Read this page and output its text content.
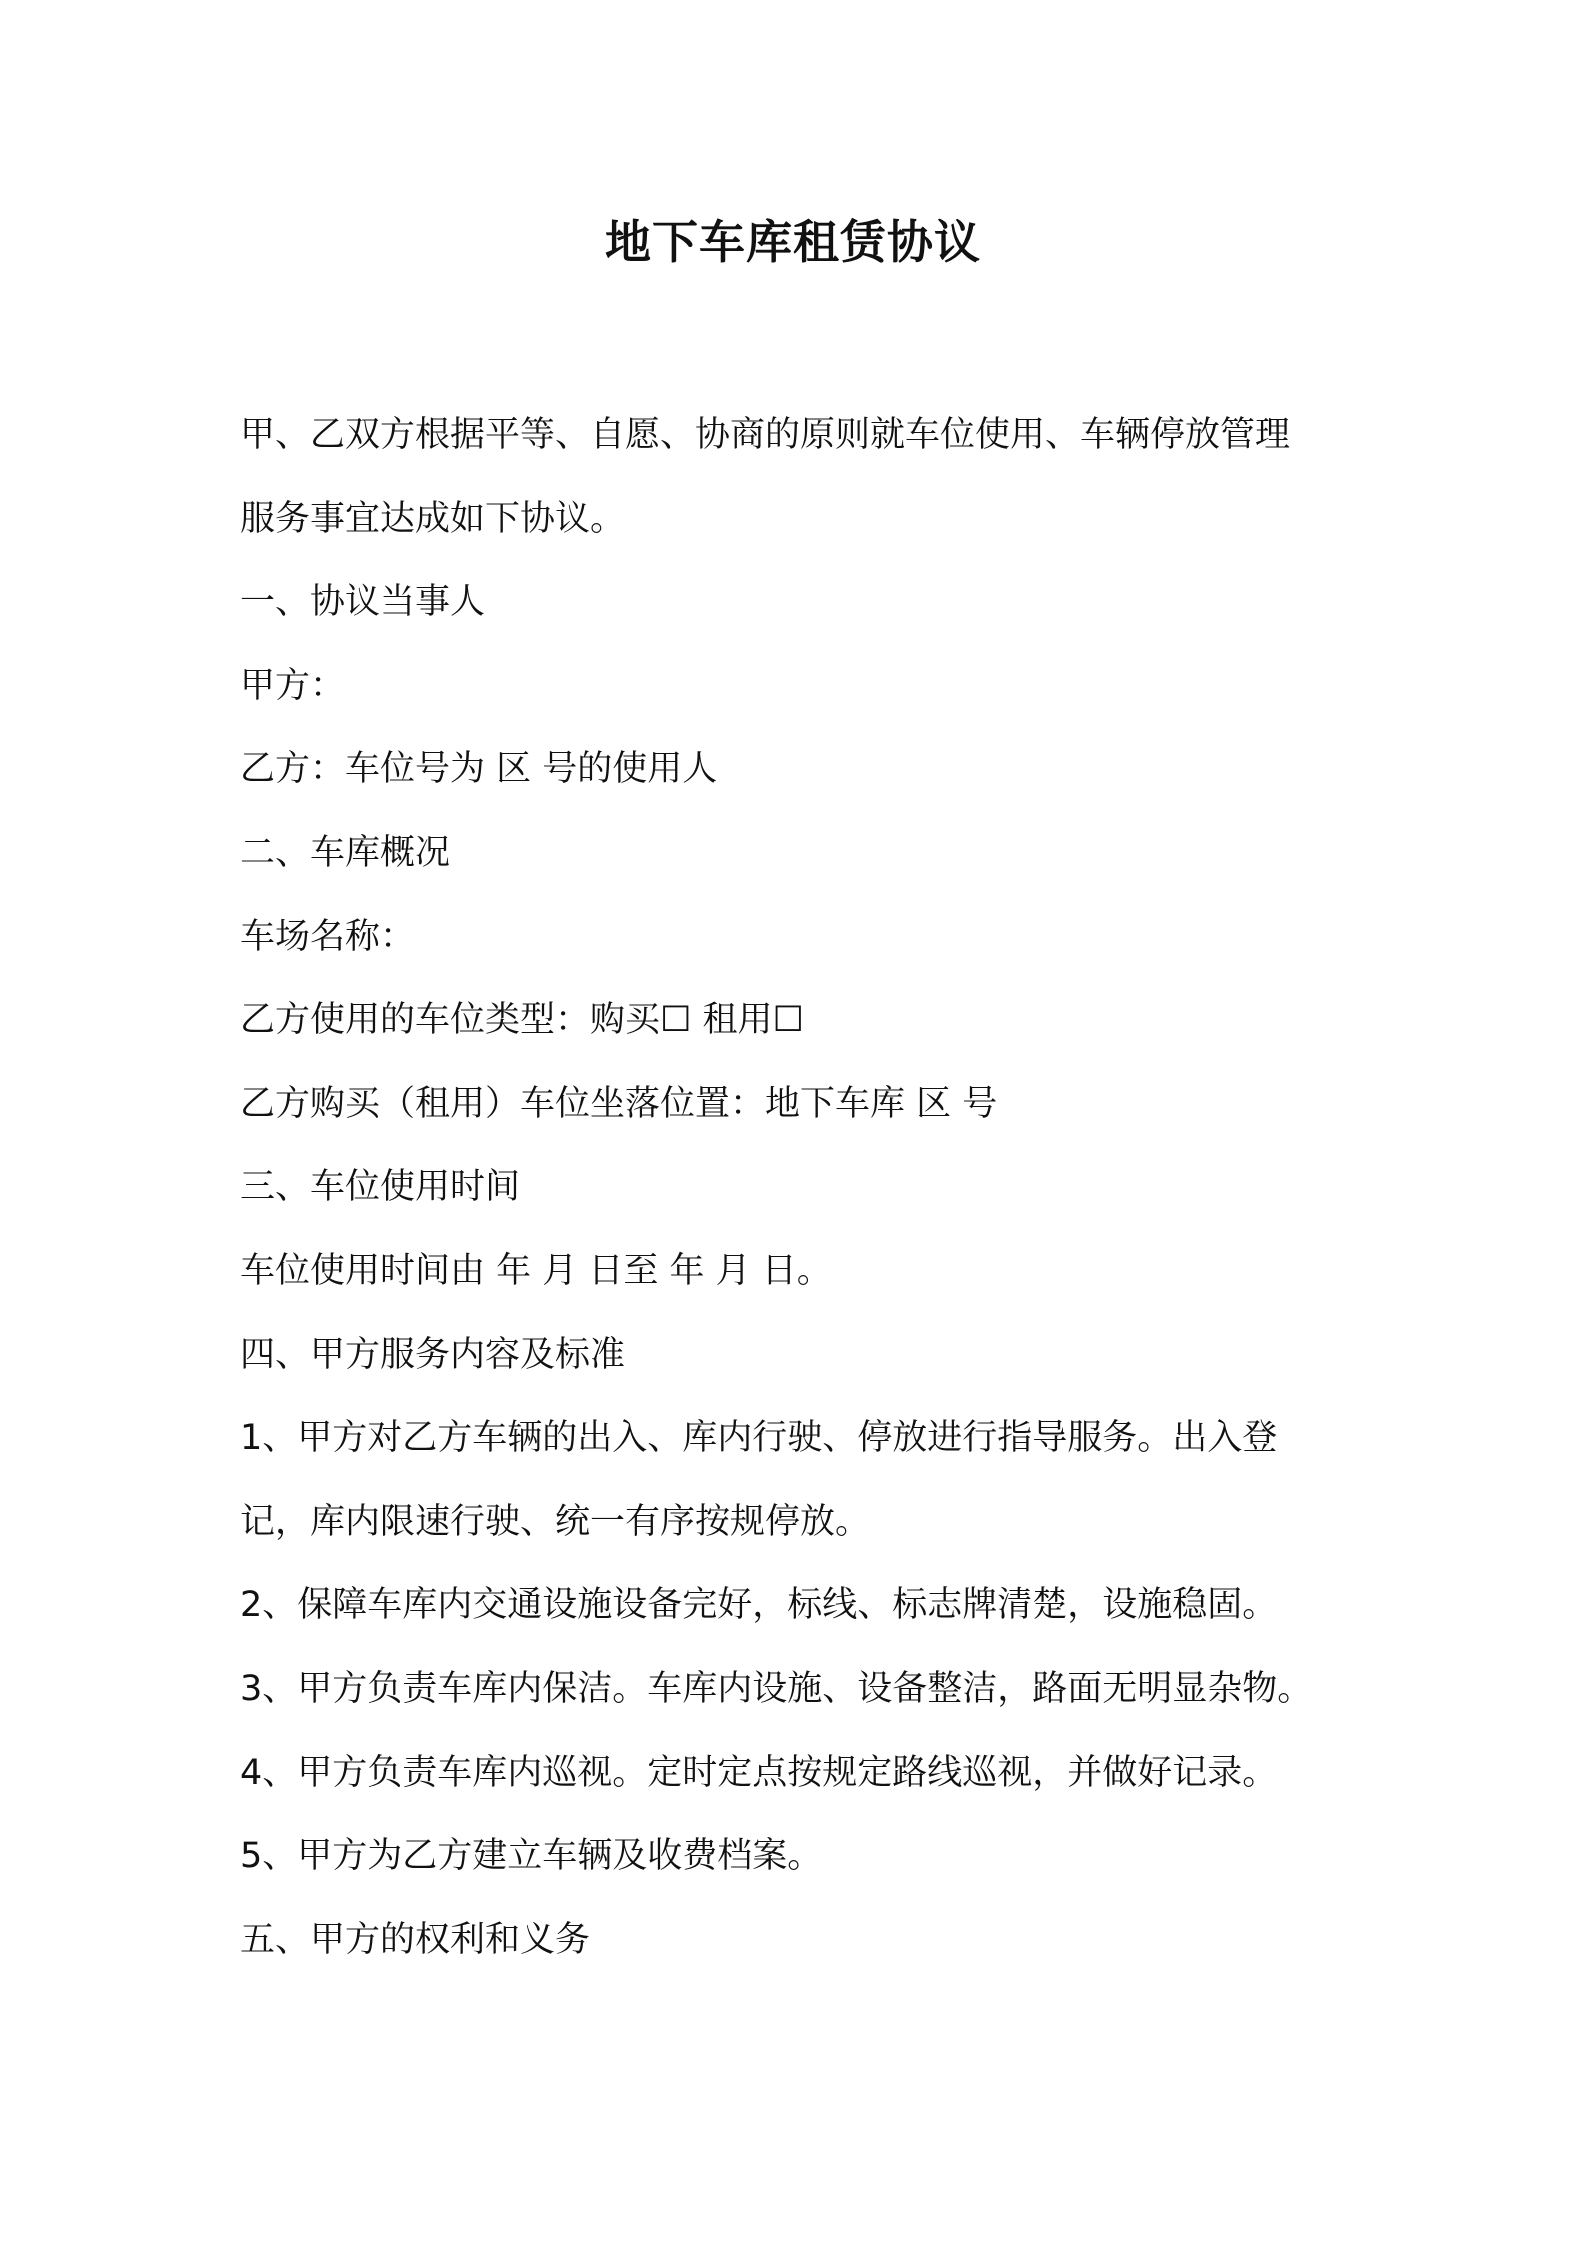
地下车库租赁协议
甲、乙双方根据平等、自愿、协商的原则就车位使用、车辆停放管理
服务事宜达成如下协议。
一、协议当事人
甲方：
乙方：车位号为 区 号的使用人
二、车库概况
车场名称：
乙方使用的车位类型：购买☐ 租用☐
乙方购买（租用）车位坐落位置：地下车库 区 号
三、车位使用时间
车位使用时间由 年 月 日至 年 月 日。
四、甲方服务内容及标准
1、甲方对乙方车辆的出入、库内行驶、停放进行指导服务。出入登
记，库内限速行驶、统一有序按规停放。
2、保障车库内交通设施设备完好，标线、标志牌清楚，设施稳固。
3、甲方负责车库内保洁。车库内设施、设备整洁，路面无明显杂物。
4、甲方负责车库内巡视。定时定点按规定路线巡视，并做好记录。
5、甲方为乙方建立车辆及收费档案。
五、甲方的权利和义务
